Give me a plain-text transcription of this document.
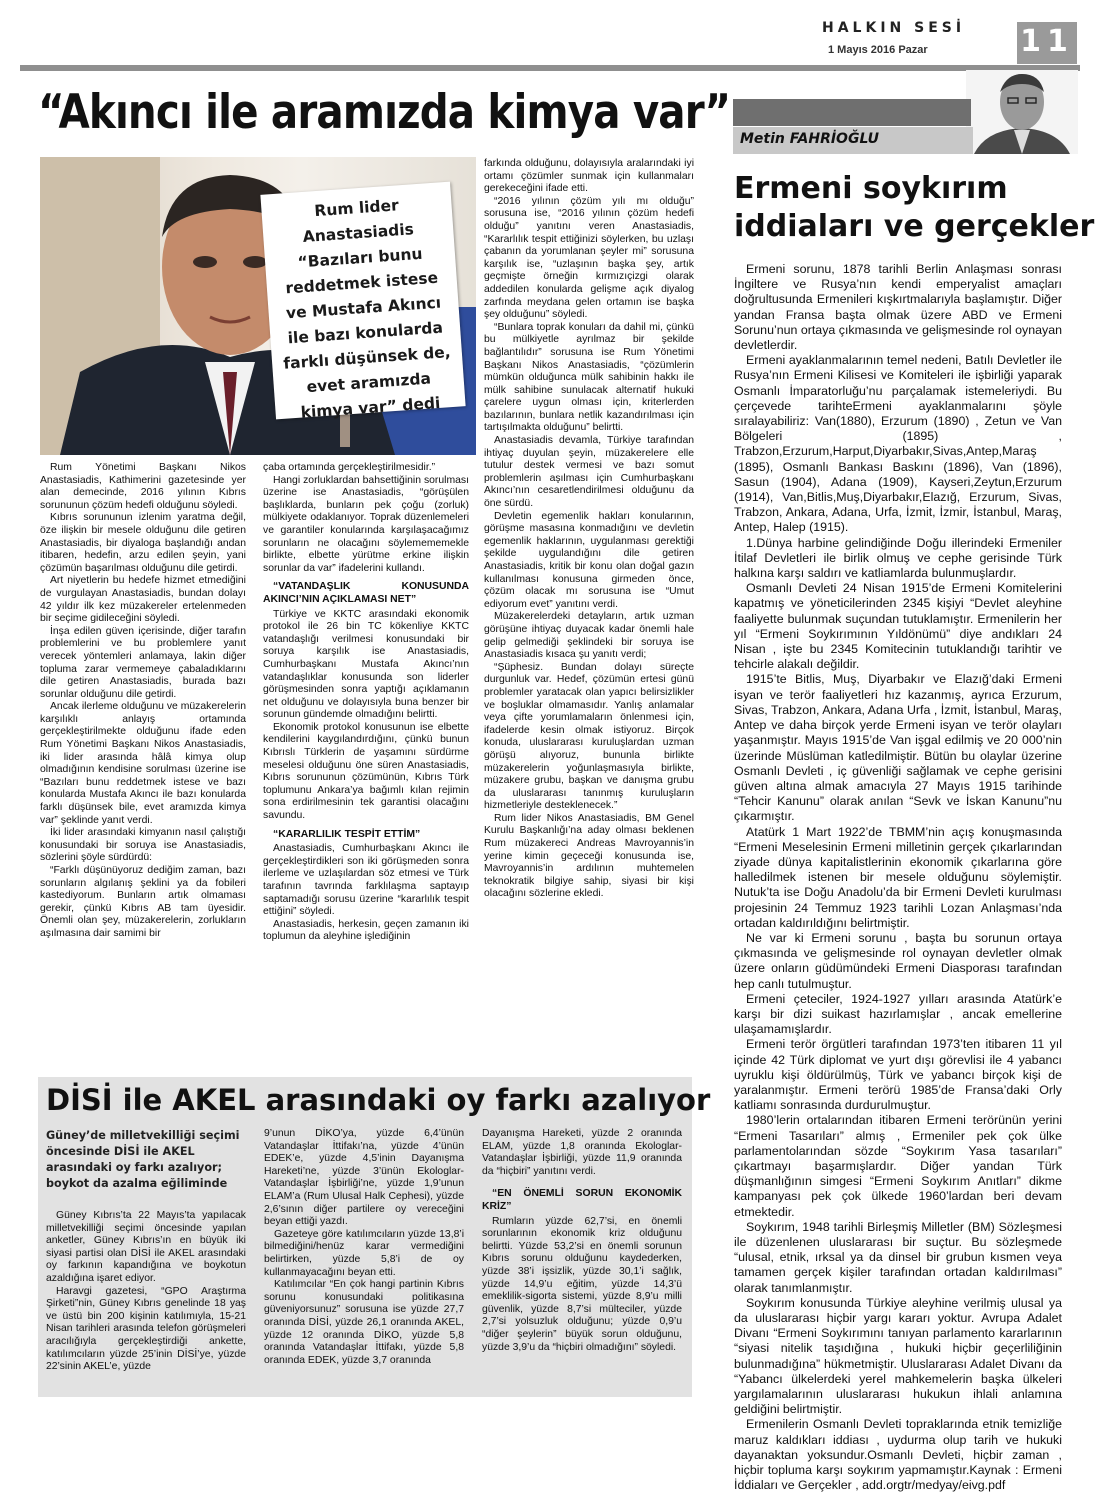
HALKIN SESİ
1 Mayıs 2016 Pazar	11
“Akıncı ile aramızda kimya var”
Rum lider Anastasiadis “Bazıları bunu reddetmek istese ve Mustafa Akıncı ile bazı konularda farklı düşünsek de, evet aramızda kimya var” dedi

Rum Yönetimi Başkanı Nikos Anastasiadis, Kathimerini gazetesinde yer alan demecinde, 2016 yılının Kıbrıs sorununun çözüm hedefi olduğunu söyledi.

Kıbrıs sorununun izlenim yaratma değil, öze ilişkin bir mesele olduğunu dile getiren Anastasiadis, bir diyaloga başlandığı andan itibaren, hedefin, arzu edilen şeyin, yani çözümün başarılması olduğunu dile getirdi.

Art niyetlerin bu hedefe hizmet etmediğini de vurgulayan Anastasiadis, bundan dolayı 42 yıldır ilk kez müzakereler ertelenmeden bir seçime gidileceğini söyledi.

İnşa edilen güven içerisinde, diğer tarafın problemlerini ve bu problemlere yanıt verecek yöntemleri anlamaya, lakin diğer topluma zarar vermemeye çabaladıklarını dile getiren Anastasiadis, burada bazı sorunlar olduğunu dile getirdi.

Ancak ilerleme olduğunu ve müzakerelerin karşılıklı anlayış ortamında gerçekleştirilmekte olduğunu ifade eden Rum Yönetimi Başkanı Nikos Anastasiadis, iki lider arasında hâlâ kimya olup olmadığının kendisine sorulması üzerine ise “Bazıları bunu reddetmek istese ve bazı konularda Mustafa Akıncı ile bazı konularda farklı düşünsek bile, evet aramızda kimya var” şeklinde yanıt verdi.

İki lider arasındaki kimyanın nasıl çalıştığı konusundaki bir soruya ise Anastasiadis, sözlerini şöyle sürdürdü:

“Farklı düşünüyoruz dediğim zaman, bazı sorunların algılanış şeklini ya da fobileri kastediyorum. Bunların artık olmaması gerekir, çünkü Kıbrıs AB tam üyesidir. Önemli olan şey, müzakerelerin, zorlukların aşılmasına dair samimi bir

çaba ortamında gerçekleştirilmesidir.”

Hangi zorluklardan bahsettiğinin sorulması üzerine ise Anastasiadis, “görüşülen başlıklarda, bunların pek çoğu (zorluk) mülkiyete odaklanıyor. Toprak düzenlemeleri ve garantiler konularında karşılaşacağımız sorunların ne olacağını söylemememekle birlikte, elbette yürütme erkine ilişkin sorunlar da var” ifadelerini kullandı.

“VATANDAŞLIK KONUSUNDA AKINCI’NIN AÇIKLAMASI NET”

Türkiye ve KKTC arasındaki ekonomik protokol ile 26 bin TC kökenliye KKTC vatandaşlığı verilmesi konusundaki bir soruya karşılık ise Anastasiadis, Cumhurbaşkanı Mustafa Akıncı’nın vatandaşlıklar konusunda son liderler görüşmesinden sonra yaptığı açıklamanın net olduğunu ve dolayısıyla buna benzer bir sorunun gündemde olmadığını belirtti.

Ekonomik protokol konusunun ise elbette kendilerini kaygılandırdığını, çünkü bunun Kıbrıslı Türklerin de yaşamını sürdürme meselesi olduğunu öne süren Anastasiadis, Kıbrıs sorununun çözümünün, Kıbrıs Türk toplumunu Ankara’ya bağımlı kılan rejimin sona erdirilmesinin tek garantisi olacağını savundu.

“KARARLILIK TESPİT ETTİM”

Anastasiadis, Cumhurbaşkanı Akıncı ile gerçekleştirdikleri son iki görüşmeden sonra ilerleme ve uzlaşılardan söz etmesi ve Türk tarafının tavrında farklılaşma saptayıp saptamadığı sorusu üzerine “kararlılık tespit ettiğini” söyledi.

Anastasiadis, herkesin, geçen zamanın iki toplumun da aleyhine işlediğinin

farkında olduğunu, dolayısıyla aralarındaki iyi ortamı çözümler sunmak için kullanmaları gerekeceğini ifade etti.

“2016 yılının çözüm yılı mı olduğu” sorusuna ise, “2016 yılının çözüm hedefi olduğu” yanıtını veren Anastasiadis, “Kararlılık tespit ettiğinizi söylerken, bu uzlaşı çabanın da yorumlanan şeyler mi” sorusuna karşılık ise, “uzlaşının başka şey, artık geçmişte örneğin kırmızıçizgi olarak addedilen konularda gelişme açık diyalog zarfında meydana gelen ortamın ise başka şey olduğunu” söyledi.

“Bunlara toprak konuları da dahil mi, çünkü bu mülkiyetle ayrılmaz bir şekilde bağlantılıdır” sorusuna ise Rum Yönetimi Başkanı Nikos Anastasiadis, “çözümlerin mümkün olduğunca mülk sahibinin hakkı ile mülk sahibine sunulacak alternatif hukuki çarelere uygun olması için, kriterlerden bazılarının, bunlara netlik kazandırılması için tartışılmakta olduğunu” belirtti.

Anastasiadis devamla, Türkiye tarafından ihtiyaç duyulan şeyin, müzakerelere elle tutulur destek vermesi ve bazı somut problemlerin aşılması için Cumhurbaşkanı Akıncı’nın cesaretlendirilmesi olduğunu da öne sürdü.

Devletin egemenlik hakları konularının, görüşme masasına konmadığını ve devletin egemenlik haklarının, uygulanması gerektiği şekilde uygulandığını dile getiren Anastasiadis, kritik bir konu olan doğal gazın kullanılması konusuna girmeden önce, çözüm olacak mı sorusuna ise “Umut ediyorum evet” yanıtını verdi.

Müzakerelerdeki detayların, artık uzman görüşüne ihtiyaç duyacak kadar önemli hale gelip gelmediği şeklindeki bir soruya ise Anastasiadis kısaca şu yanıtı verdi;

“Şüphesiz. Bundan dolayı süreçte durgunluk var. Hedef, çözümün ertesi günü problemler yaratacak olan yapıcı belirsizlikler ve boşluklar olmamasıdır. Yanlış anlamalar veya çifte yorumlamaların önlenmesi için, ifadelerde kesin olmak istiyoruz. Birçok konuda, uluslararası kuruluşlardan uzman görüşü alıyoruz, bununla birlikte müzakerelerin yoğunlaşmasıyla birlikte, müzakere grubu, başkan ve danışma grubu da uluslararası tanınmış kuruluşların hizmetleriyle desteklenecek.”

Rum lider Nikos Anastasiadis, BM Genel Kurulu Başkanlığı’na aday olması beklenen Rum müzakereci Andreas Mavroyannis’in yerine kimin geçeceği konusunda ise, Mavroyannis’in ardılının muhtemelen teknokratik bilgiye sahip, siyasi bir kişi olacağını sözlerine ekledi.

DİSİ ile AKEL arasındaki oy farkı azalıyor
Güney’de milletvekilliği seçimi öncesinde DİSİ ile AKEL arasındaki oy farkı azalıyor; boykot da azalma eğiliminde

Güney Kıbrıs’ta 22 Mayıs’ta yapılacak milletvekilliği seçimi öncesinde yapılan anketler, Güney Kıbrıs’ın en büyük iki siyasi partisi olan DİSİ ile AKEL arasındaki oy farkının kapandığına ve boykotun azaldığına işaret ediyor.

Haravgi gazetesi, “GPO Araştırma Şirketi”nin, Güney Kıbrıs genelinde 18 yaş ve üstü bin 200 kişinin katılımıyla, 15-21 Nisan tarihleri arasında telefon görüşmeleri aracılığıyla gerçekleştirdiği ankette, katılımcıların yüzde 25’inin DİSİ’ye, yüzde 22’sinin AKEL’e, yüzde

9’unun DİKO’ya, yüzde 6,4’ünün Vatandaşlar İttifakı’na, yüzde 4’ünün EDEK’e, yüzde 4,5’inin Dayanışma Hareketi’ne, yüzde 3’ünün Ekologlar-Vatandaşlar İşbirliği’ne, yüzde 1,9’unun ELAM’a (Rum Ulusal Halk Cephesi), yüzde 2,6’sının diğer partilere oy vereceğini beyan ettiği yazdı.

Gazeteye göre katılımcıların yüzde 13,8’i bilmediğini/henüz karar vermediğini belirtirken, yüzde 5,8’i de oy kullanmayacağını beyan etti.

Katılımcılar “En çok hangi partinin Kıbrıs sorunu konusundaki politikasına güveniyorsunuz” sorusuna ise yüzde 27,7 oranında DİSİ, yüzde 26,1 oranında AKEL, yüzde 12 oranında DİKO, yüzde 5,8 oranında Vatandaşlar İttifakı, yüzde 5,8 oranında EDEK, yüzde 3,7 oranında

Dayanışma Hareketi, yüzde 2 oranında ELAM, yüzde 1,8 oranında Ekologlar-Vatandaşlar İşbirliği, yüzde 11,9 oranında da “hiçbiri” yanıtını verdi.

“EN ÖNEMLİ SORUN EKONOMİK KRİZ”

Rumların yüzde 62,7’si, en önemli sorunlarının ekonomik kriz olduğunu belirtti. Yüzde 53,2’si en önemli sorunun Kıbrıs sorunu olduğunu kaydederken, yüzde 38’i işsizlik, yüzde 30,1’i sağlık, yüzde 14,9’u eğitim, yüzde 14,3’ü emeklilik-sigorta sistemi, yüzde 8,9’u milli güvenlik, yüzde 8,7’si mülteciler, yüzde 2,7’si yolsuzluk olduğunu; yüzde 0,9’u “diğer şeylerin” büyük sorun olduğunu, yüzde 3,9’u da “hiçbiri olmadığını” söyledi.

Metin FAHRİOĞLU
Ermeni soykırım
iddiaları ve gerçekler

Ermeni sorunu, 1878 tarihli Berlin Anlaşması sonrası İngiltere ve Rusya’nın kendi emperyalist amaçları doğrultusunda Ermenileri kışkırtmalarıyla başlamıştır. Diğer yandan Fransa başta olmak üzere ABD ve Ermeni Sorunu’nun ortaya çıkmasında ve gelişmesinde rol oynayan devletlerdir.

Ermeni ayaklanmalarının temel nedeni, Batılı Devletler ile Rusya’nın Ermeni Kilisesi ve Komiteleri ile işbirliği yaparak Osmanlı İmparatorluğu’nu parçalamak istemeleriydi. Bu çerçevede tarihteErmeni ayaklanmalarını şöyle sıralayabiliriz: Van(1880), Erzurum (1890) , Zetun ve Van Bölgeleri (1895) , Trabzon,Erzurum,Harput,Diyarbakır,Sivas,Antep,Maraş (1895), Osmanlı Bankası Baskını (1896), Van (1896), Sasun (1904), Adana (1909), Kayseri,Zeytun,Erzurum (1914), Van,Bitlis,Muş,Diyarbakır,Elazığ, Erzurum, Sivas, Trabzon, Ankara, Adana, Urfa, İzmit, İzmir, İstanbul, Maraş, Antep, Halep (1915).

1.Dünya harbine gelindiğinde Doğu illerindeki Ermeniler İtilaf Devletleri ile birlik olmuş ve cephe gerisinde Türk halkına karşı saldırı ve katliamlarda bulunmuşlardır.

Osmanlı Devleti 24 Nisan 1915’de Ermeni Komitelerini kapatmış ve yöneticilerinden 2345 kişiyi “Devlet aleyhine faaliyette bulunmak suçundan tutuklamıştır. Ermenilerin her yıl “Ermeni Soykırımının Yıldönümü” diye andıkları 24 Nisan , işte bu 2345 Komitecinin tutuklandığı tarihtir ve tehcirle alakalı değildir.

1915’te Bitlis, Muş, Diyarbakır ve Elazığ’daki Ermeni isyan ve terör faaliyetleri hız kazanmış, ayrıca Erzurum, Sivas, Trabzon, Ankara, Adana Urfa , İzmit, İstanbul, Maraş, Antep ve daha birçok yerde Ermeni isyan ve terör olayları yaşanmıştır. Mayıs 1915’de Van işgal edilmiş ve 20 000’nin üzerinde Müslüman katledilmiştir. Bütün bu olaylar üzerine Osmanlı Devleti , iç güvenliği sağlamak ve cephe gerisini güven altına almak amacıyla 27 Mayıs 1915 tarihinde “Tehcir Kanunu” olarak anılan “Sevk ve İskan Kanunu”nu çıkarmıştır.

Atatürk 1 Mart 1922’de TBMM’nin açış konuşmasında “Ermeni Meselesinin Ermeni milletinin gerçek çıkarlarından ziyade dünya kapitalistlerinin ekonomik çıkarlarına göre halledilmek istenen bir mesele olduğunu söylemiştir. Nutuk’ta ise Doğu Anadolu’da bir Ermeni Devleti kurulması projesinin 24 Temmuz 1923 tarihli Lozan Anlaşması’nda ortadan kaldırıldığını belirtmiştir.

Ne var ki Ermeni sorunu , başta bu sorunun ortaya çıkmasında ve gelişmesinde rol oynayan devletler olmak üzere onların güdümündeki Ermeni Diasporası tarafından hep canlı tutulmuştur.

Ermeni çeteciler, 1924-1927 yılları arasında Atatürk’e karşı bir dizi suikast hazırlamışlar , ancak emellerine ulaşamamışlardır.

Ermeni terör örgütleri tarafından 1973’ten itibaren 11 yıl içinde 42 Türk diplomat ve yurt dışı görevlisi ile 4 yabancı uyruklu kişi öldürülmüş, Türk ve yabancı birçok kişi de yaralanmıştır. Ermeni terörü 1985’de Fransa’daki Orly katliamı sonrasında durdurulmuştur.

1980’lerin ortalarından itibaren Ermeni terörünün yerini “Ermeni Tasarıları” almış , Ermeniler pek çok ülke parlamentolarından sözde “Soykırım Yasa tasarıları” çıkartmayı başarmışlardır. Diğer yandan Türk düşmanlığının simgesi “Ermeni Soykırım Anıtları” dikme kampanyası pek çok ülkede 1960’lardan beri devam etmektedir.

Soykırım, 1948 tarihli Birleşmiş Milletler (BM) Sözleşmesi ile düzenlenen uluslararası bir suçtur. Bu sözleşmede “ulusal, etnik, ırksal ya da dinsel bir grubun kısmen veya tamamen gerçek kişiler tarafından ortadan kaldırılması” olarak tanımlanmıştır.

Soykırım konusunda Türkiye aleyhine verilmiş ulusal ya da uluslararası hiçbir yargı kararı yoktur. Avrupa Adalet Divanı “Ermeni Soykırımını tanıyan parlamento kararlarının “siyasi nitelik taşıdığına , hukuki hiçbir geçerliliğinin bulunmadığına” hükmetmiştir. Uluslararası Adalet Divanı da “Yabancı ülkelerdeki yerel mahkemelerin başka ülkeleri yargılamalarının uluslararası hukukun ihlali anlamına geldiğini belirtmiştir.

Ermenilerin Osmanlı Devleti topraklarında etnik temizliğe maruz kaldıkları iddiası , uydurma olup tarih ve hukuki dayanaktan yoksundur.Osmanlı Devleti, hiçbir zaman , hiçbir topluma karşı soykırım yapmamıştır.Kaynak : Ermeni İddiaları ve Gerçekler , add.orgtr/medyay/eivg.pdf
